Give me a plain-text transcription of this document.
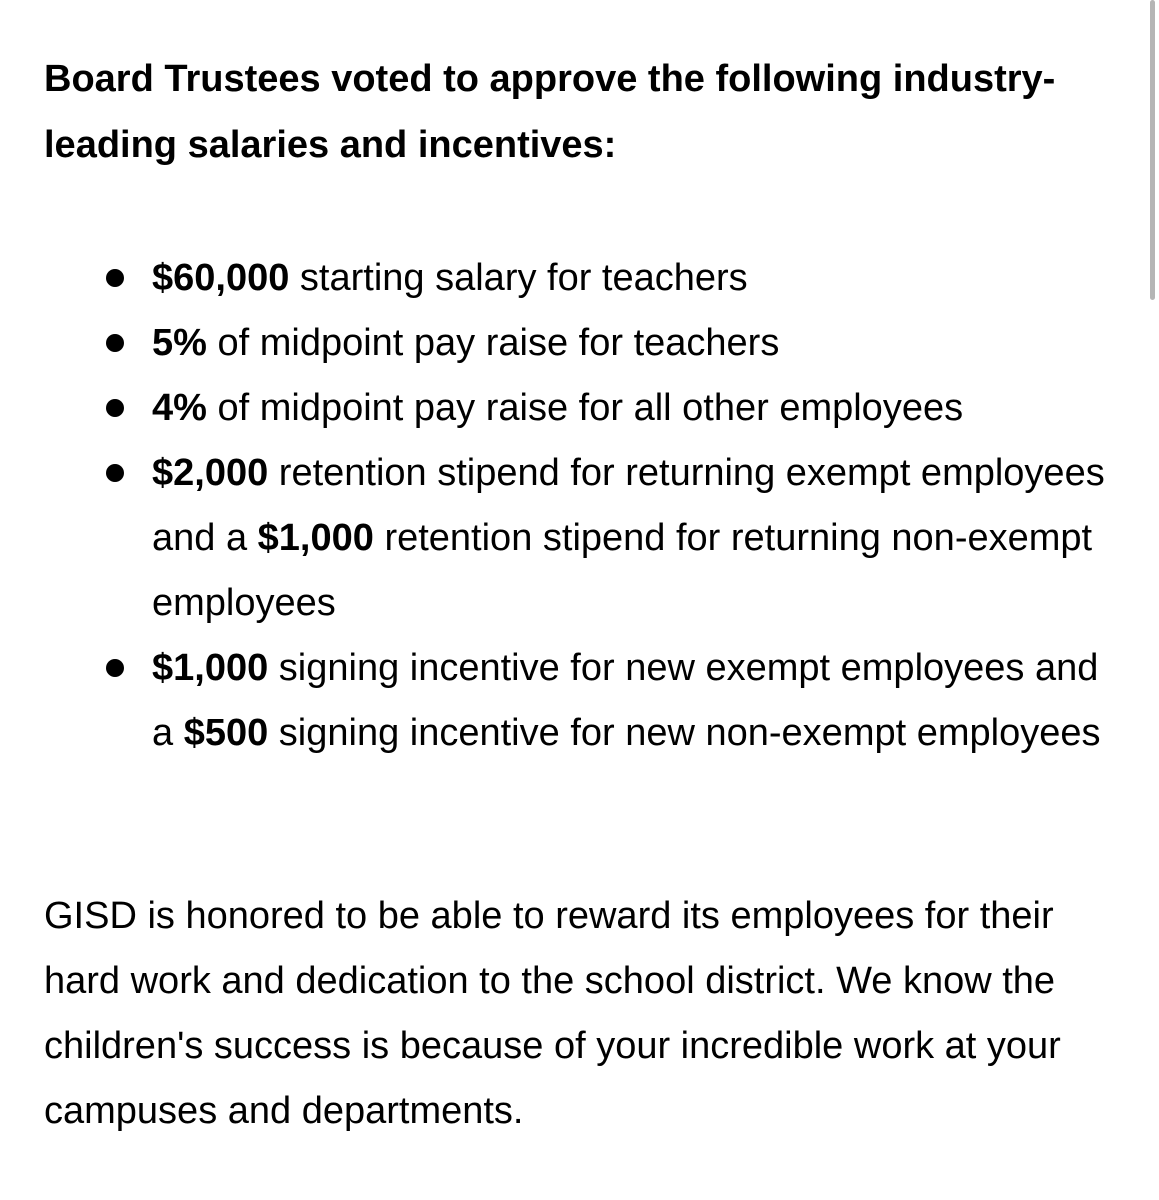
Board Trustees voted to approve the following industry-leading salaries and incentives:

$60,000 starting salary for teachers
5% of midpoint pay raise for teachers
4% of midpoint pay raise for all other employees
$2,000 retention stipend for returning exempt employees and a $1,000 retention stipend for returning non-exempt employees
$1,000 signing incentive for new exempt employees and a $500 signing incentive for new non-exempt employees

GISD is honored to be able to reward its employees for their hard work and dedication to the school district. We know the children's success is because of your incredible work at your campuses and departments.
